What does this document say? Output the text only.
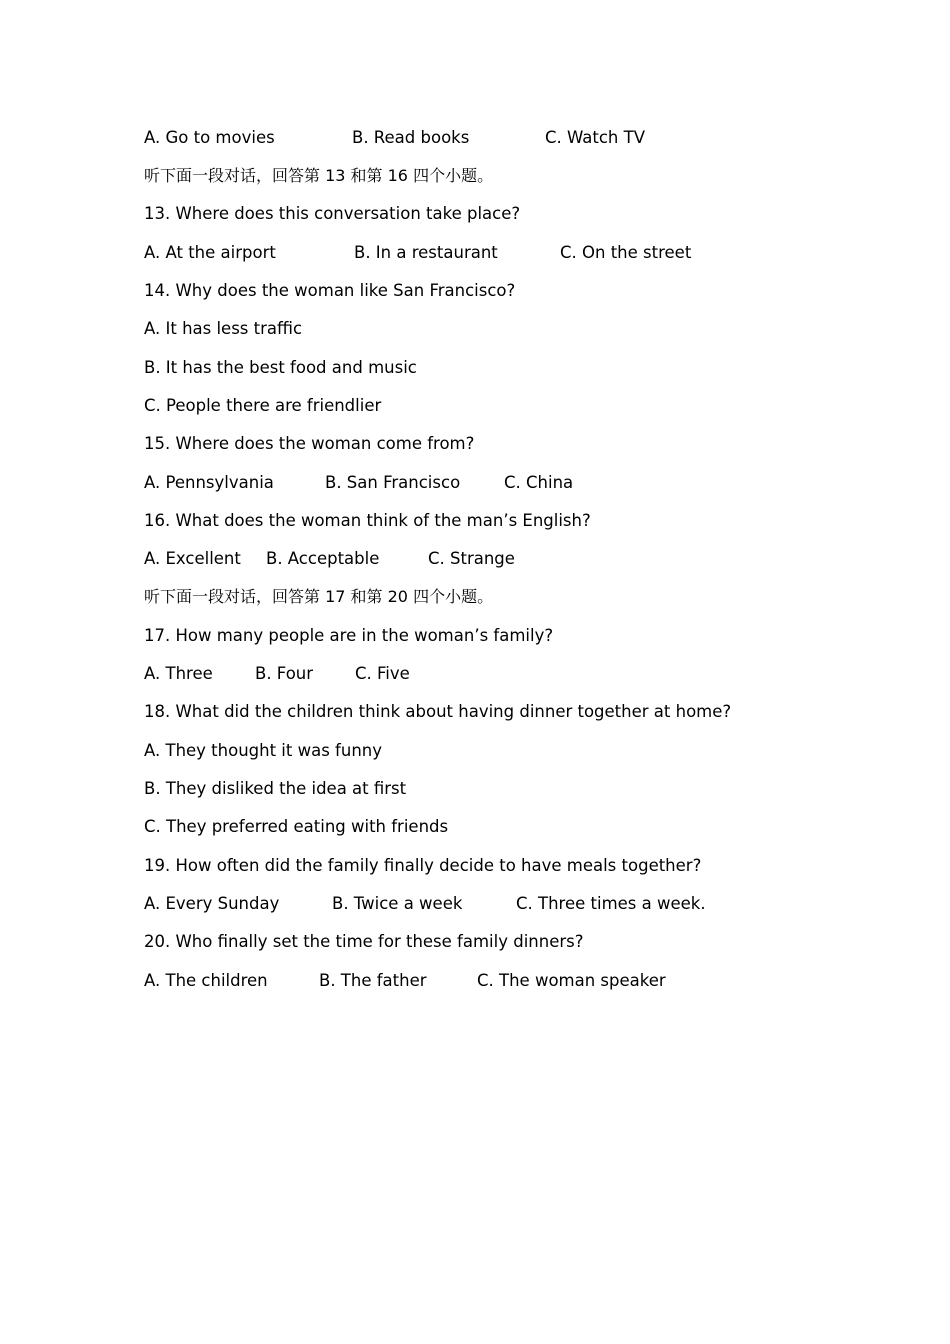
A. Go to movies	B. Read books	C. Watch TV
听下面一段对话，回答第 13 和第 16 四个小题。
13. Where does this conversation take place?
A. At the airport	B. In a restaurant	C. On the street
14. Why does the woman like San Francisco?
A. It has less traffic
B. It has the best food and music
C. People there are friendlier
15. Where does the woman come from?
A. Pennsylvania	B. San Francisco	C. China
16. What does the woman think of the man’s English?
A. Excellent B. Acceptable	C. Strange
听下面一段对话，回答第 17 和第 20 四个小题。
17. How many people are in the woman’s family?
A. Three	B. Four	C. Five
18. What did the children think about having dinner together at home?
A. They thought it was funny
B. They disliked the idea at first
C. They preferred eating with friends
19. How often did the family finally decide to have meals together?
A. Every Sunday	B. Twice a week	C. Three times a week.
20. Who finally set the time for these family dinners?
A. The children	B. The father	C. The woman speaker
